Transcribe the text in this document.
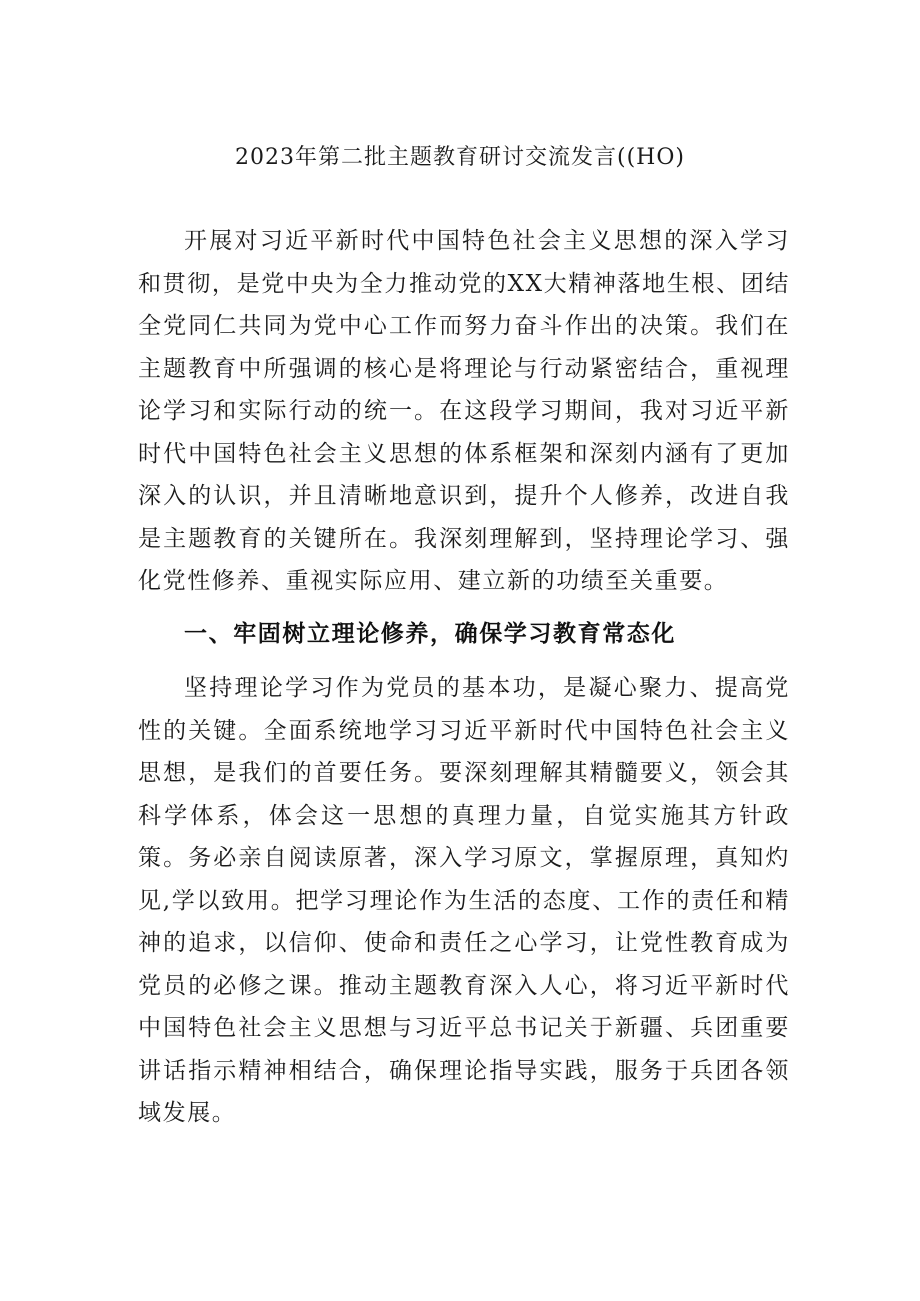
2023年第二批主题教育研讨交流发言((HO)

开展对习近平新时代中国特色社会主义思想的深入学习和贯彻，是党中央为全力推动党的XX大精神落地生根、团结全党同仁共同为党中心工作而努力奋斗作出的决策。我们在主题教育中所强调的核心是将理论与行动紧密结合，重视理论学习和实际行动的统一。在这段学习期间，我对习近平新时代中国特色社会主义思想的体系框架和深刻内涵有了更加深入的认识，并且清晰地意识到，提升个人修养，改进自我是主题教育的关键所在。我深刻理解到，坚持理论学习、强化党性修养、重视实际应用、建立新的功绩至关重要。

一、牢固树立理论修养，确保学习教育常态化

坚持理论学习作为党员的基本功，是凝心聚力、提高党性的关键。全面系统地学习习近平新时代中国特色社会主义思想，是我们的首要任务。要深刻理解其精髓要义，领会其科学体系，体会这一思想的真理力量，自觉实施其方针政策。务必亲自阅读原著，深入学习原文，掌握原理，真知灼见,学以致用。把学习理论作为生活的态度、工作的责任和精神的追求，以信仰、使命和责任之心学习，让党性教育成为党员的必修之课。推动主题教育深入人心，将习近平新时代中国特色社会主义思想与习近平总书记关于新疆、兵团重要讲话指示精神相结合，确保理论指导实践，服务于兵团各领域发展。
